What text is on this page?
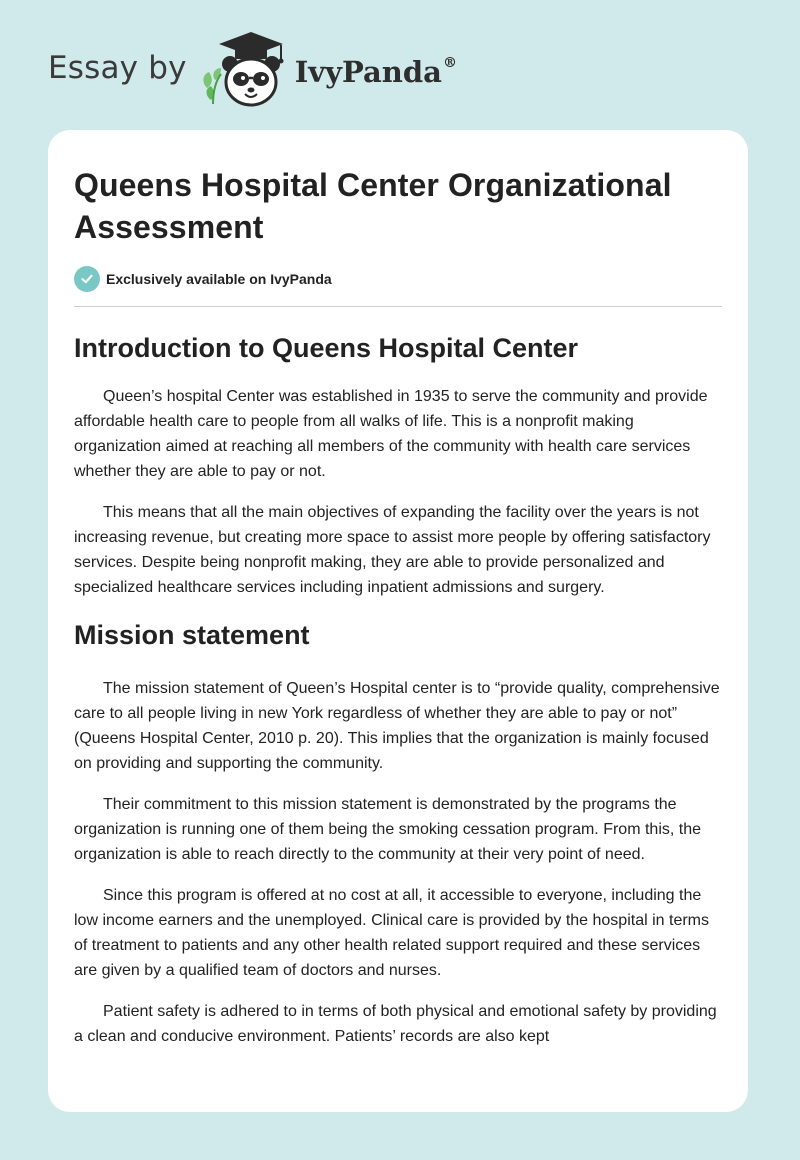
Essay by	IvyPanda®
Queens Hospital Center Organizational Assessment
Exclusively available on IvyPanda
Introduction to Queens Hospital Center

Queen’s hospital Center was established in 1935 to serve the community and provide affordable health care to people from all walks of life. This is a nonprofit making organization aimed at reaching all members of the community with health care services whether they are able to pay or not.

This means that all the main objectives of expanding the facility over the years is not increasing revenue, but creating more space to assist more people by offering satisfactory services. Despite being nonprofit making, they are able to provide personalized and specialized healthcare services including inpatient admissions and surgery.

Mission statement

The mission statement of Queen’s Hospital center is to “provide quality, comprehensive care to all people living in new York regardless of whether they are able to pay or not” (Queens Hospital Center, 2010 p. 20). This implies that the organization is mainly focused on providing and supporting the community.

Their commitment to this mission statement is demonstrated by the programs the organization is running one of them being the smoking cessation program. From this, the organization is able to reach directly to the community at their very point of need.

Since this program is offered at no cost at all, it accessible to everyone, including the low income earners and the unemployed. Clinical care is provided by the hospital in terms of treatment to patients and any other health related support required and these services are given by a qualified team of doctors and nurses.

Patient safety is adhered to in terms of both physical and emotional safety by providing a clean and conducive environment. Patients’ records are also kept
